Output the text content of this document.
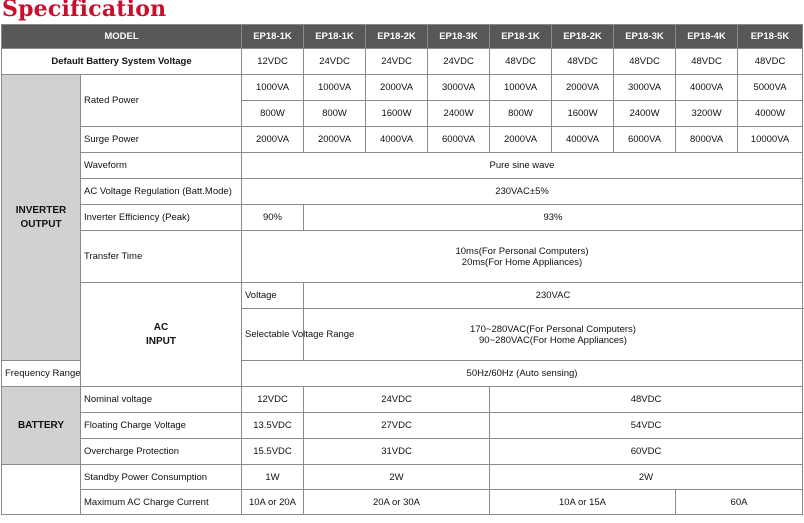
Specification
MODEL		EP18-1K	EP18-1K	EP18-2K	EP18-3K	EP18-1K	EP18-2K	EP18-3K	EP18-4K	EP18-5K
Default Battery System Voltage		12VDC	24VDC	24VDC	24VDC	48VDC	48VDC	48VDC	48VDC	48VDC
INVERTER
OUTPUT	Rated Power	1000VA	1000VA	2000VA	3000VA	1000VA	2000VA	3000VA	4000VA	5000VA
		800W	800W	1600W	2400W	800W	1600W	2400W	3200W	4000W
	Surge Power	2000VA	2000VA	4000VA	6000VA	2000VA	4000VA	6000VA	8000VA	10000VA
	Waveform	Pure sine wave								
	AC Voltage Regulation (Batt.Mode)	230VAC±5%								
	Inverter Efficiency (Peak)	90%	93%							
	Transfer Time	10ms(For Personal Computers)
20ms(For Home Appliances)								

	AC
INPUT	Voltage	230VAC							
		Selectable Voltage Range	170~280VAC(For Personal Computers)
90~280VAC(For Home Appliances)							

Frequency Range		50Hz/60Hz (Auto sensing)								
BATTERY	Nominal voltage	12VDC	24VDC			48VDC				
	Floating Charge Voltage	13.5VDC	27VDC			54VDC				
	Overcharge Protection	15.5VDC	31VDC			60VDC				
	Standby Power Consumption	1W	2W			2W				
	Maximum AC Charge Current	10A or 20A	20A or 30A			10A or 15A			60A	
